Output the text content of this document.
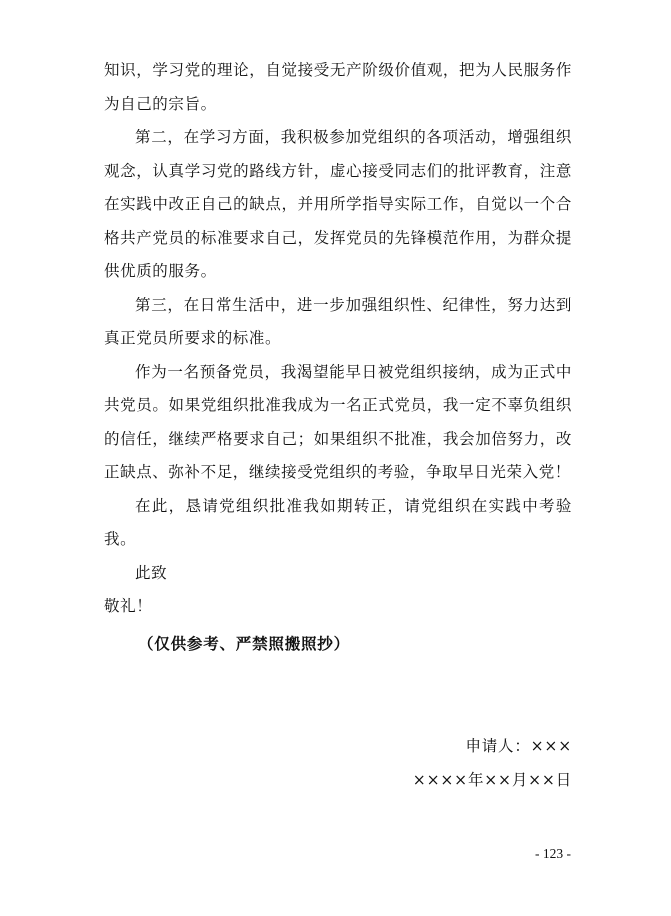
知识，学习党的理论，自觉接受无产阶级价值观，把为人民服务作为自己的宗旨。

第二，在学习方面，我积极参加党组织的各项活动，增强组织观念，认真学习党的路线方针，虚心接受同志们的批评教育，注意在实践中改正自己的缺点，并用所学指导实际工作，自觉以一个合格共产党员的标准要求自己，发挥党员的先锋模范作用，为群众提供优质的服务。

第三，在日常生活中，进一步加强组织性、纪律性，努力达到真正党员所要求的标准。

作为一名预备党员，我渴望能早日被党组织接纳，成为正式中共党员。如果党组织批准我成为一名正式党员，我一定不辜负组织的信任，继续严格要求自己；如果组织不批准，我会加倍努力，改正缺点、弥补不足，继续接受党组织的考验，争取早日光荣入党！

在此，恳请党组织批准我如期转正，请党组织在实践中考验我。

此致

敬礼！

（仅供参考、严禁照搬照抄）
申请人：×××
××××年××月××日
- 123 -
